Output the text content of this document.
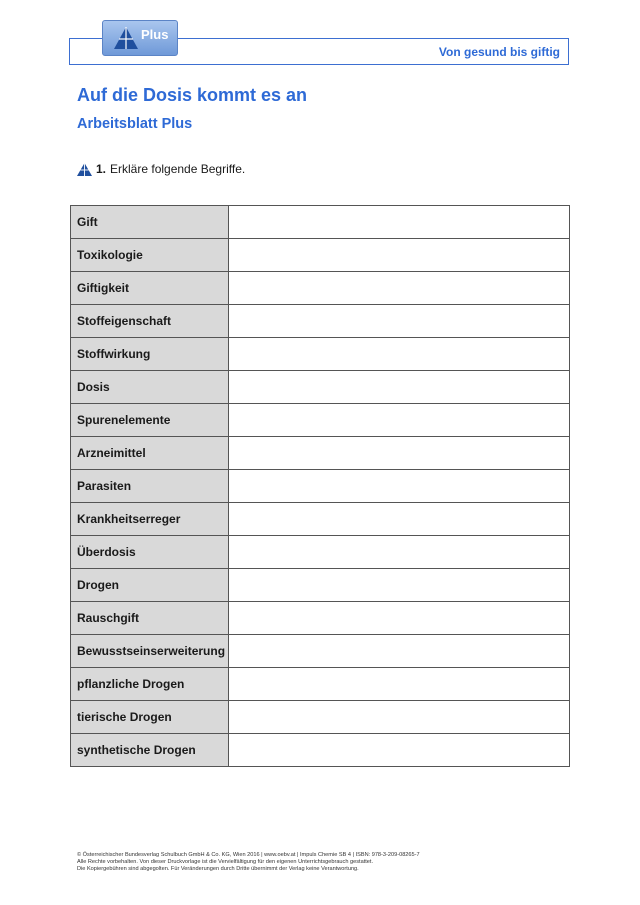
Von gesund bis giftig
Plus
Auf die Dosis kommt es an
Arbeitsblatt Plus
1. Erkläre folgende Begriffe.
Gift	
Toxikologie	
Giftigkeit	
Stoffeigenschaft	
Stoffwirkung	
Dosis	
Spurenelemente	
Arzneimittel	
Parasiten	
Krankheitserreger	
Überdosis	
Drogen	
Rauschgift	
Bewusstseinserweiterung	
pflanzliche Drogen	
tierische Drogen	
synthetische Drogen	
© Österreichischer Bundesverlag Schulbuch GmbH & Co. KG, Wien 2016 | www.oebv.at | Impuls Chemie SB 4 | ISBN: 978-3-209-08265-7
Alle Rechte vorbehalten. Von dieser Druckvorlage ist die Vervielfältigung für den eigenen Unterrichtsgebrauch gestattet.
Die Kopiergebühren sind abgegolten. Für Veränderungen durch Dritte übernimmt der Verlag keine Verantwortung.
